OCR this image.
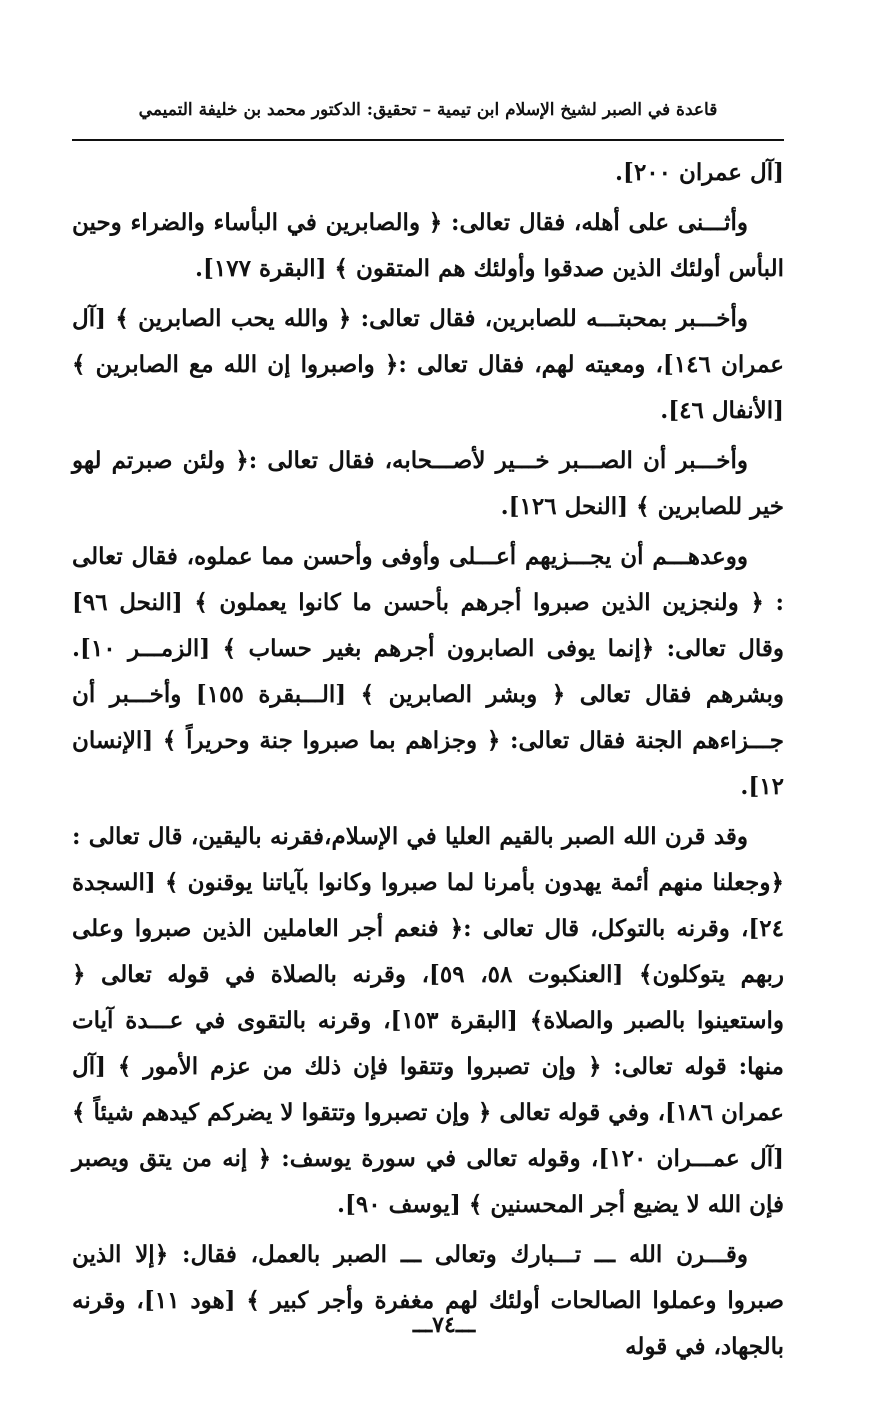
قاعدة في الصبر لشيخ الإسلام ابن تيمية – تحقيق: الدكتور محمد بن خليفة التميمي

[آل عمران ٢٠٠].

وأثـــنى على أهله، فقال تعالى: ﴿ والصابرين في البأساء والضراء وحين البأس أولئك الذين صدقوا وأولئك هم المتقون ﴾ [البقرة ١٧٧].

وأخـــبر بمحبتـــه للصابرين، فقال تعالى: ﴿ والله يحب الصابرين ﴾ [آل عمران ١٤٦]، ومعيته لهم، فقال تعالى :﴿ واصبروا إن الله مع الصابرين ﴾ [الأنفال ٤٦].

وأخـــبر أن الصـــبر خـــير لأصـــحابه، فقال تعالى :﴿ ولئن صبرتم لهو خير للصابرين ﴾ [النحل ١٢٦].

ووعدهـــم أن يجـــزيهم أعـــلى وأوفى وأحسن مما عملوه، فقال تعالى : ﴿ ولنجزين الذين صبروا أجرهم بأحسن ما كانوا يعملون ﴾ [النحل ٩٦] وقال تعالى: ﴿إنما يوفى الصابرون أجرهم بغير حساب ﴾ [الزمـــر ١٠]. وبشرهم فقال تعالى ﴿ وبشر الصابرين ﴾ [الـــبقرة ١٥٥] وأخـــبر أن جـــزاءهم الجنة فقال تعالى: ﴿ وجزاهم بما صبروا جنة وحريراً ﴾ [الإنسان ١٢].

وقد قرن الله الصبر بالقيم العليا في الإسلام،فقرنه باليقين، قال تعالى : ﴿وجعلنا منهم أئمة يهدون بأمرنا لما صبروا وكانوا بآياتنا يوقنون ﴾ [السجدة ٢٤]، وقرنه بالتوكل، قال تعالى :﴿ فنعم أجر العاملين الذين صبروا وعلى ربهم يتوكلون﴾ [العنكبوت ٥٨، ٥٩]، وقرنه بالصلاة في قوله تعالى ﴿ واستعينوا بالصبر والصلاة﴾ [البقرة ١٥٣]، وقرنه بالتقوى في عـــدة آيات منها: قوله تعالى: ﴿ وإن تصبروا وتتقوا فإن ذلك من عزم الأمور ﴾ [آل عمران ١٨٦]، وفي قوله تعالى ﴿ وإن تصبروا وتتقوا لا يضركم كيدهم شيئاً ﴾ [آل عمـــران ١٢٠]، وقوله تعالى في سورة يوسف: ﴿ إنه من يتق ويصبر فإن الله لا يضيع أجر المحسنين ﴾ [يوسف ٩٠].

وقـــرن الله ـــ تـــبارك وتعالى ـــ الصبر بالعمل، فقال: ﴿إلا الذين صبروا وعملوا الصالحات أولئك لهم مغفرة وأجر كبير ﴾ [هود ١١]، وقرنه بالجهاد، في قوله

ـــ٧٤ـــ
